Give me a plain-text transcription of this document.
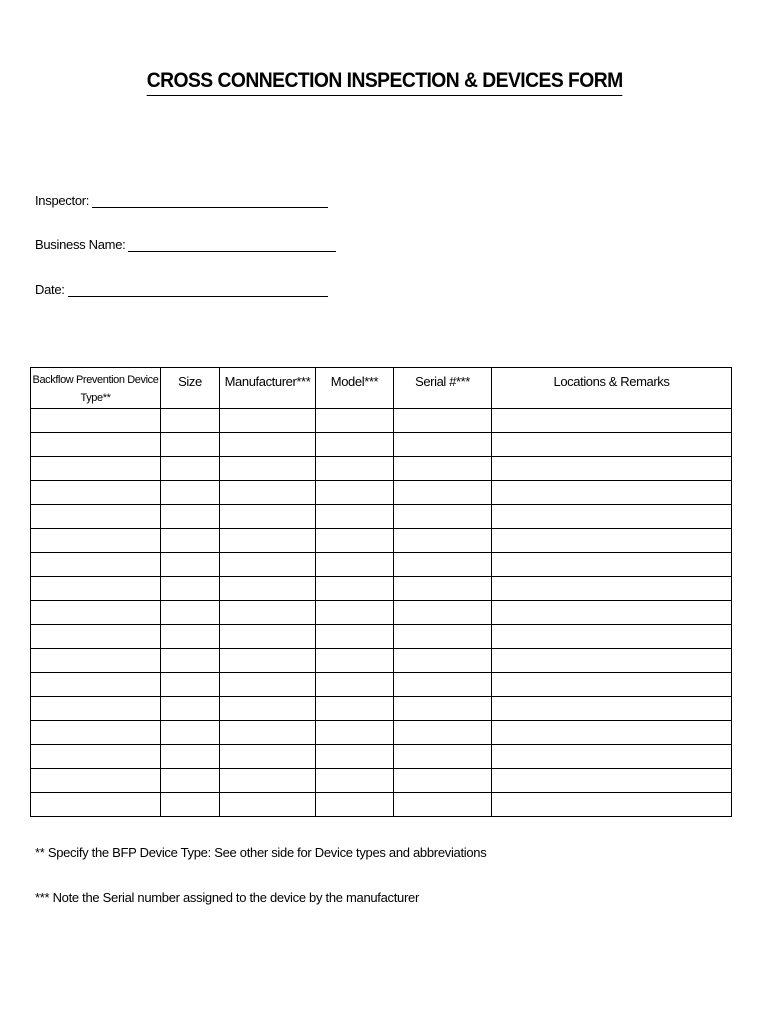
CROSS CONNECTION INSPECTION & DEVICES FORM
Inspector:
Business Name:
Date:
Backflow Prevention Device Type**	Size	Manufacturer***	Model***	Serial #***	Locations & Remarks

** Specify the BFP Device Type: See other side for Device types and abbreviations
*** Note the Serial number assigned to the device by the manufacturer
